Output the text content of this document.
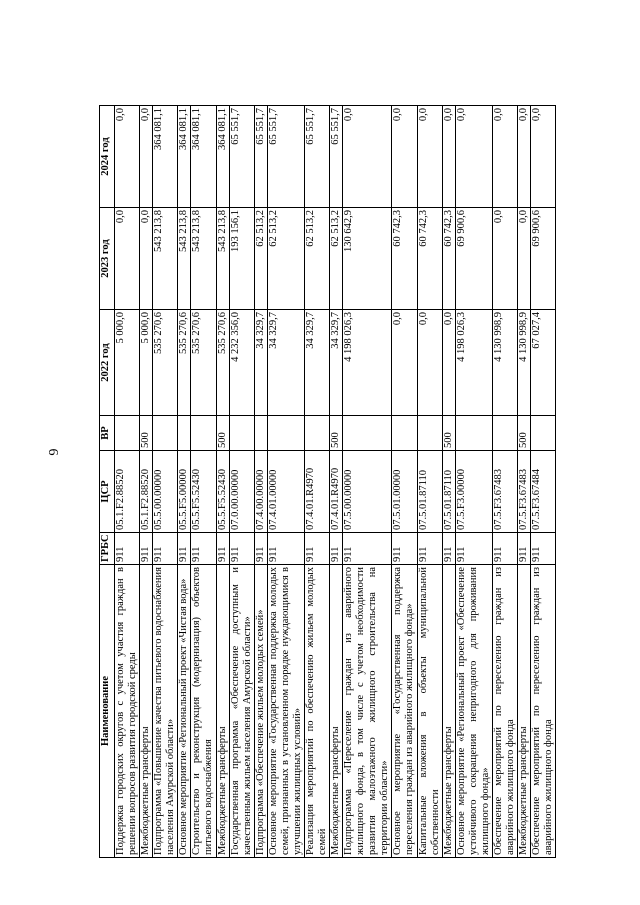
6
Наименование	ГРБС	ЦСР	ВР	2022 год	2023 год	2024 год
Поддержка городских округов с учетом участия граждан в решении вопросов развития городской среды	911	05.1.F2.88520		5 000,0	0,0	0,0
Межбюджетные трансферты	911	05.1.F2.88520	500	5 000,0	0,0	0,0
Подпрограмма «Повышение качества питьевого водоснабжения населения Амурской области»	911	05.5.00.00000		535 270,6	543 213,8	364 081,1
Основное мероприятие «Региональный проект «Чистая вода»	911	05.5.F5.00000		535 270,6	543 213,8	364 081,1
Строительство и реконструкция (модернизация) объектов питьевого водоснабжения	911	05.5.F5.52430		535 270,6	543 213,8	364 081,1
Межбюджетные трансферты	911	05.5.F5.52430	500	535 270,6	543 213,8	364 081,1
Государственная программа «Обеспечение доступным и качественным жильем населения Амурской области»	911	07.0.00.00000		4 232 356,0	193 156,1	65 551,7
Подпрограмма «Обеспечение жильем молодых семей»	911	07.4.00.00000		34 329,7	62 513,2	65 551,7
Основное мероприятие «Государственная поддержка молодых семей, признанных в установленном порядке нуждающимися в улучшении жилищных условий»	911	07.4.01.00000		34 329,7	62 513,2	65 551,7
Реализация мероприятий по обеспечению жильем молодых семей	911	07.4.01.R4970		34 329,7	62 513,2	65 551,7
Межбюджетные трансферты	911	07.4.01.R4970	500	34 329,7	62 513,2	65 551,7
Подпрограмма «Переселение граждан из аварийного жилищного фонда, в том числе с учетом необходимости развития малоэтажного жилищного строительства на территории области»	911	07.5.00.00000		4 198 026,3	130 642,9	0,0
Основное мероприятие «Государственная поддержка переселения граждан из аварийного жилищного фонда»	911	07.5.01.00000		0,0	60 742,3	0,0
Капитальные вложения в объекты муниципальной собственности	911	07.5.01.87110		0,0	60 742,3	0,0
Межбюджетные трансферты	911	07.5.01.87110	500	0,0	60 742,3	0,0
Основное мероприятие «Региональный проект «Обеспечение устойчивого сокращения непригодного для проживания жилищного фонда»	911	07.5.F3.00000		4 198 026,3	69 900,6	0,0
Обеспечение мероприятий по переселению граждан из аварийного жилищного фонда	911	07.5.F3.67483		4 130 998,9	0,0	0,0
Межбюджетные трансферты	911	07.5.F3.67483	500	4 130 998,9	0,0	0,0
Обеспечение мероприятий по переселению граждан из аварийного жилищного фонда	911	07.5.F3.67484		67 027,4	69 900,6	0,0
